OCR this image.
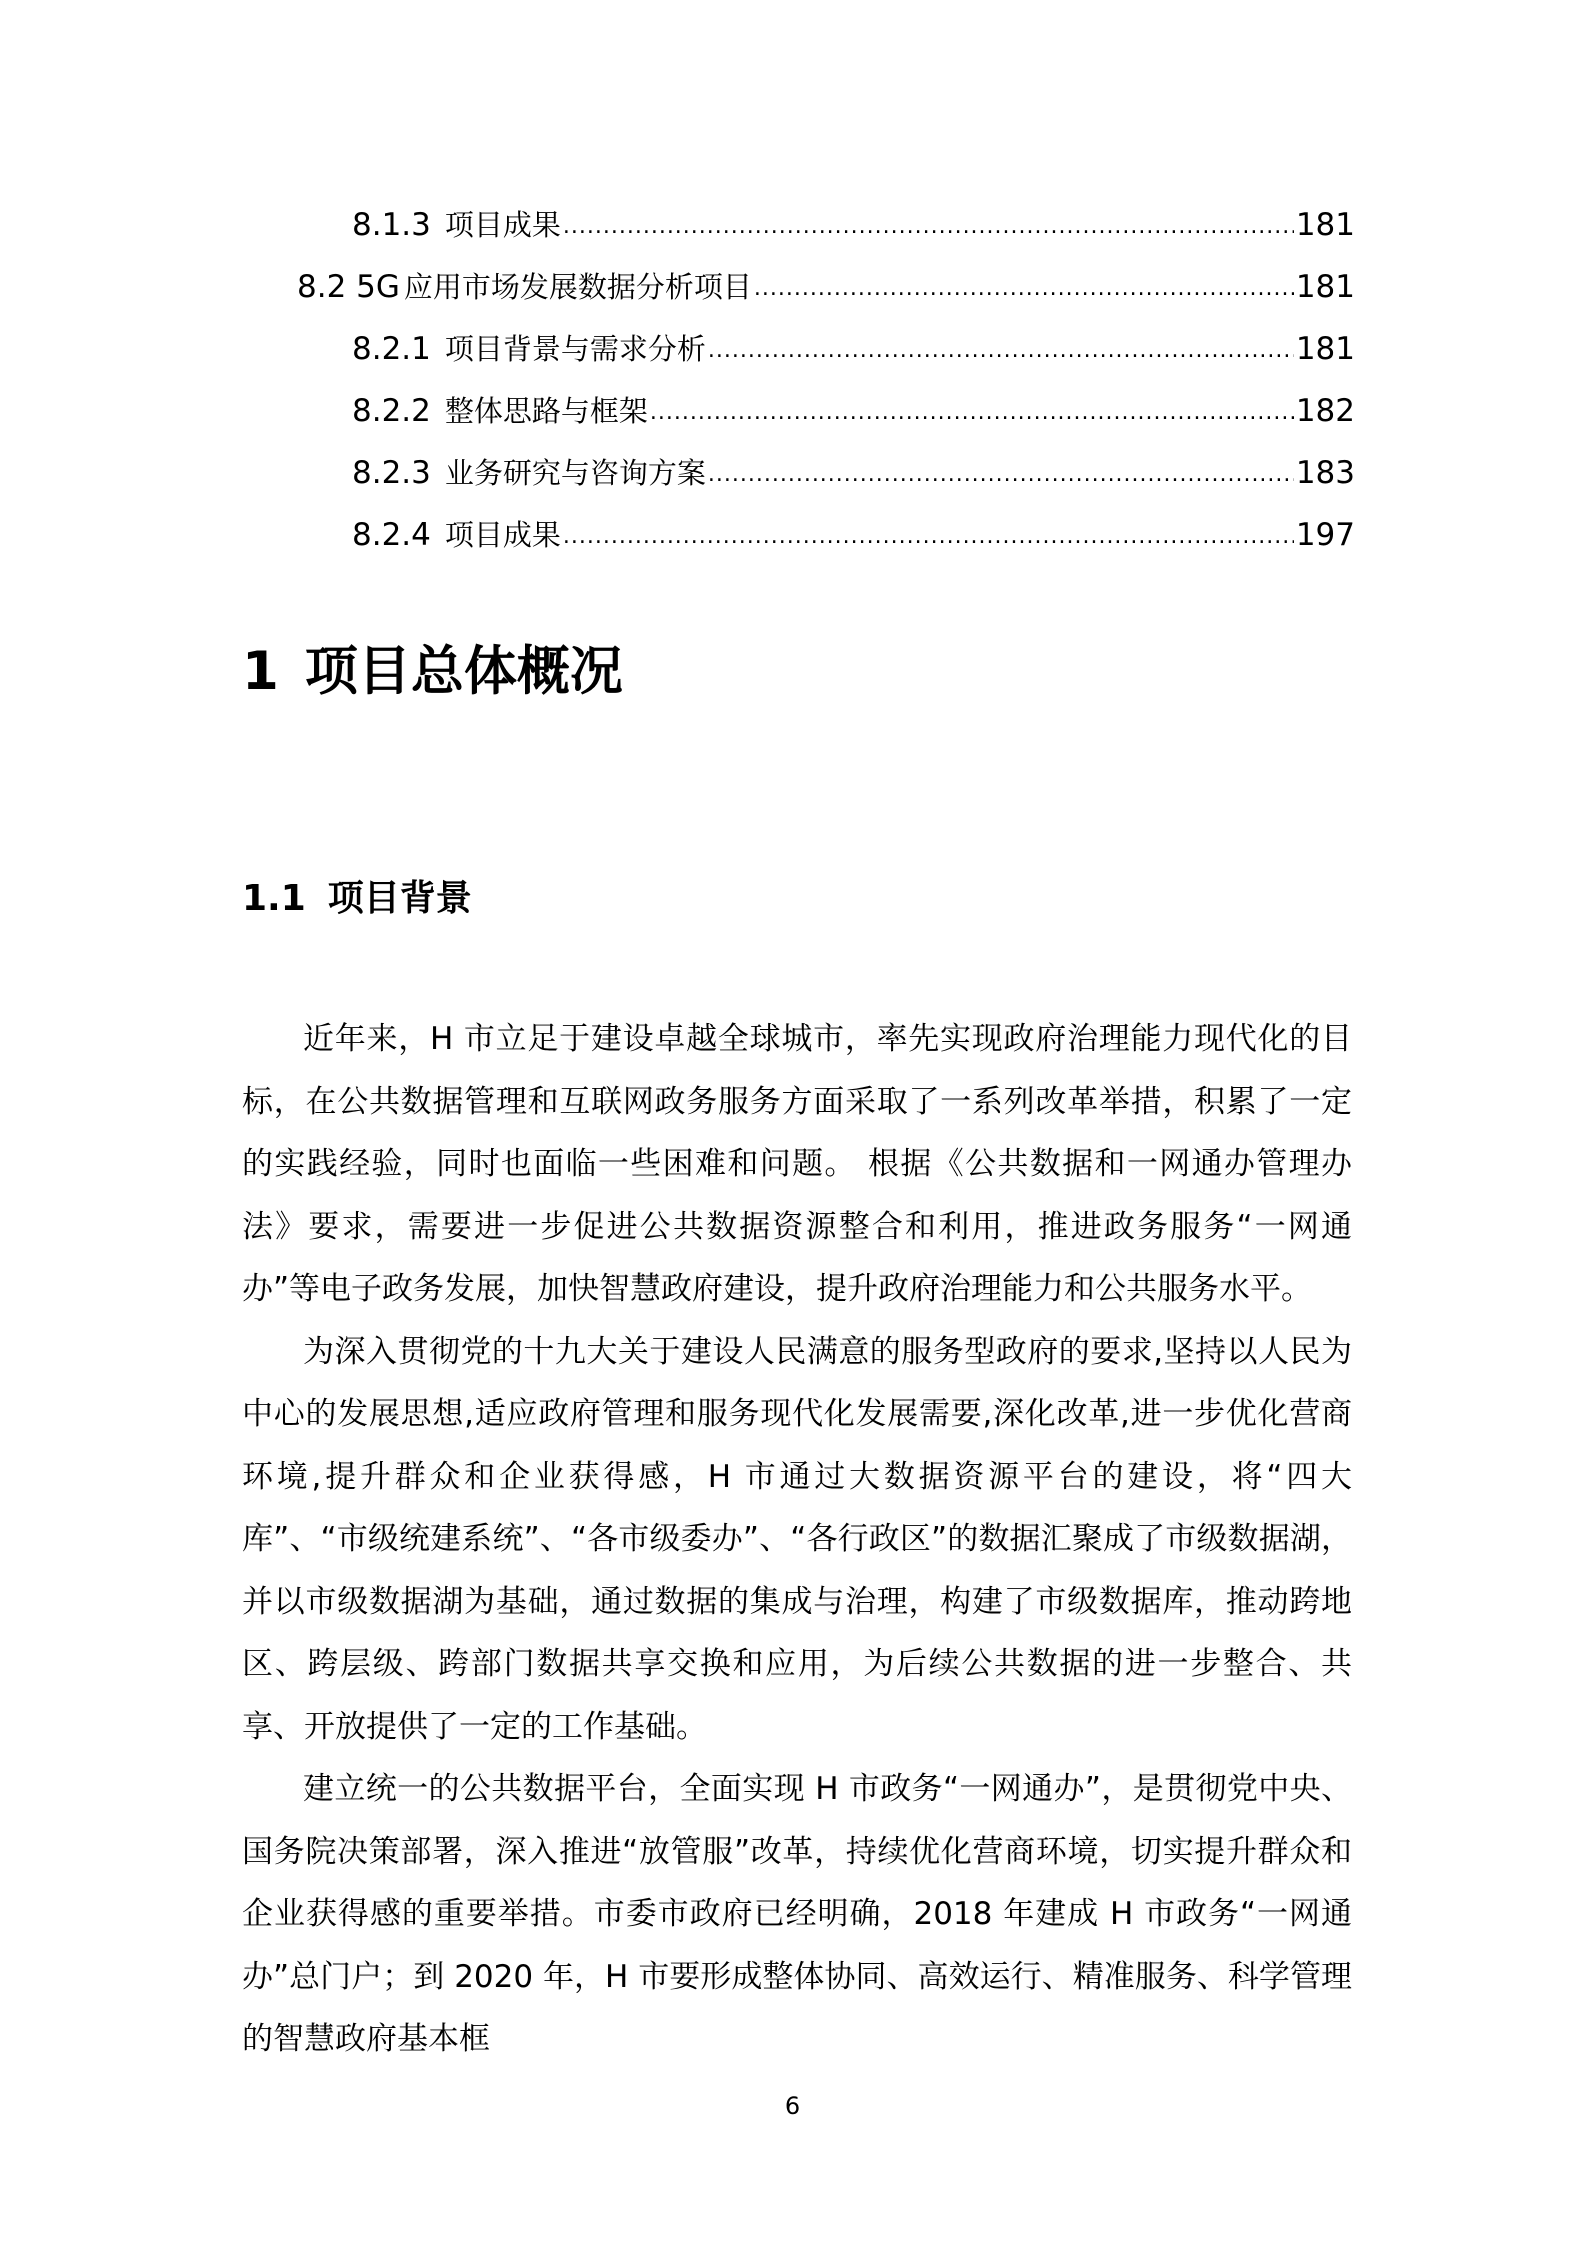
8.1.3 项目成果 .....	181
8.2 5G 应用市场发展数据分析项目 .....	181
8.2.1 项目背景与需求分析 .....	181
8.2.2 整体思路与框架 .....	182
8.2.3 业务研究与咨询方案 .....	183
8.2.4 项目成果 .....	197
1 项目总体概况
1.1 项目背景

近年来，H 市立足于建设卓越全球城市，率先实现政府治理能力现代化的目标，在公共数据管理和互联网政务服务方面采取了一系列改革举措，积累了一定的实践经验，同时也面临一些困难和问题。 根据《公共数据和一网通办管理办法》要求，需要进一步促进公共数据资源整合和利用，推进政务服务“一网通办”等电子政务发展，加快智慧政府建设，提升政府治理能力和公共服务水平。

为深入贯彻党的十九大关于建设人民满意的服务型政府的要求,坚持以人民为中心的发展思想,适应政府管理和服务现代化发展需要,深化改革,进一步优化营商环境,提升群众和企业获得感，H 市通过大数据资源平台的建设，将“四大库”、“市级统建系统”、“各市级委办”、“各行政区”的数据汇聚成了市级数据湖，并以市级数据湖为基础，通过数据的集成与治理，构建了市级数据库，推动跨地区、跨层级、跨部门数据共享交换和应用，为后续公共数据的进一步整合、共享、开放提供了一定的工作基础。

建立统一的公共数据平台，全面实现 H 市政务“一网通办”，是贯彻党中央、国务院决策部署，深入推进“放管服”改革，持续优化营商环境，切实提升群众和企业获得感的重要举措。市委市政府已经明确，2018 年建成 H 市政务“一网通办”总门户；到 2020 年，H 市要形成整体协同、高效运行、精准服务、科学管理的智慧政府基本框

6
